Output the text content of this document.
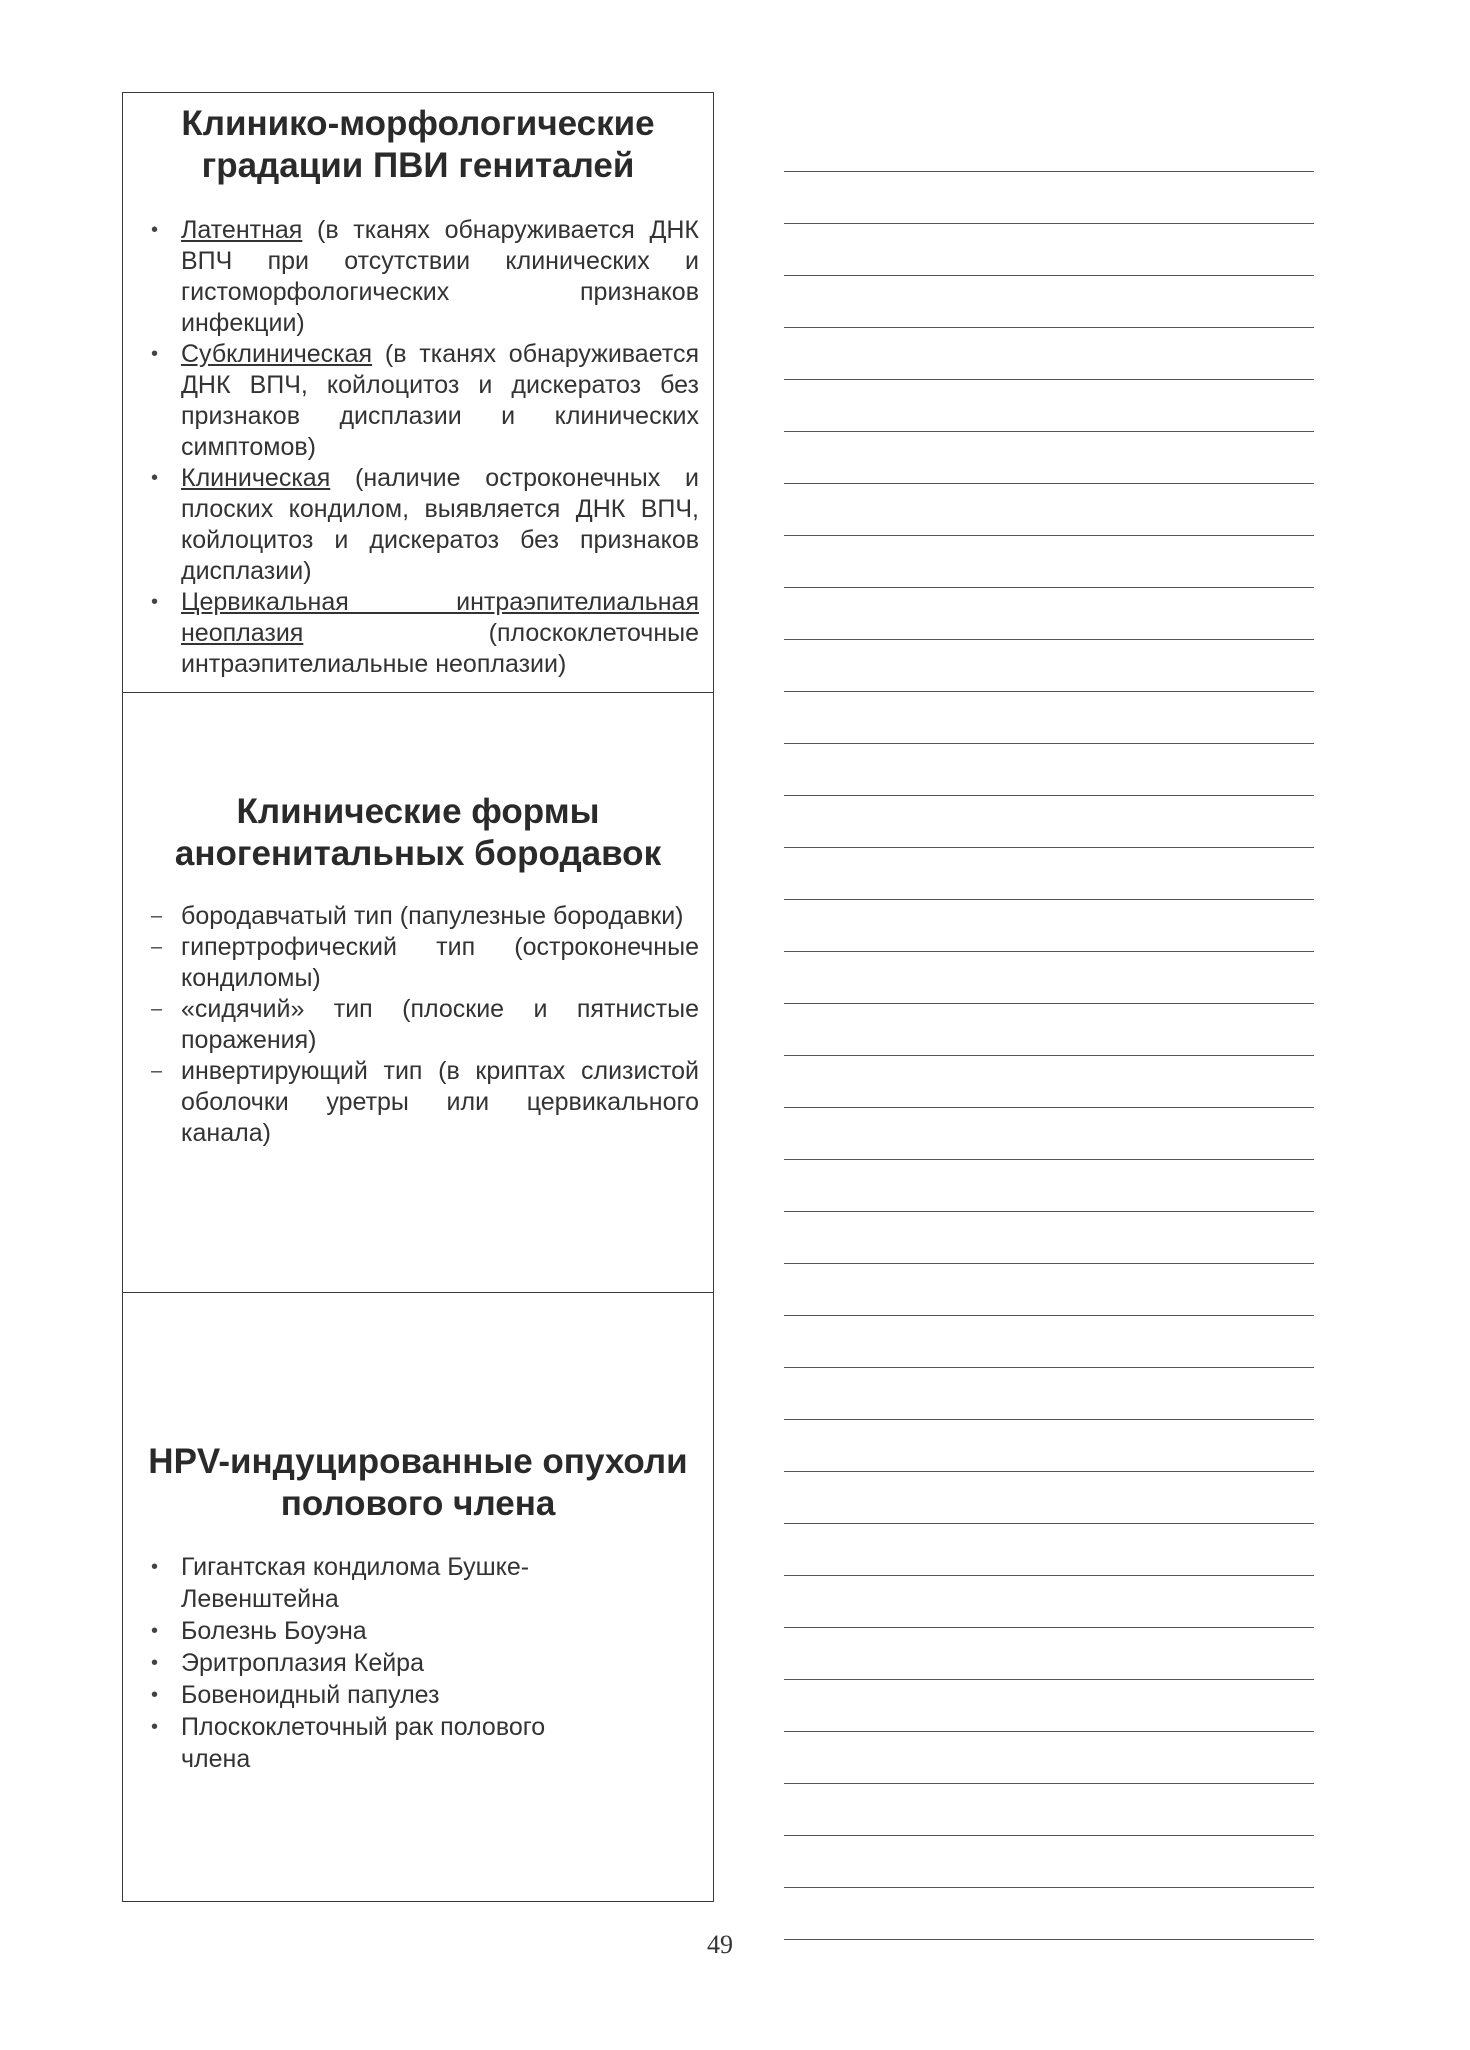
Клинико-морфологические
градации ПВИ гениталей
• Латентная (в тканях обнаруживается ДНК ВПЧ при отсутствии клинических и гистоморфологических признаков инфекции)
• Субклиническая (в тканях обнаруживается ДНК ВПЧ, койлоцитоз и дискератоз без признаков дисплазии и клинических симптомов)
• Клиническая (наличие остроконечных и плоских кондилом, выявляется ДНК ВПЧ, койлоцитоз и дискератоз без признаков дисплазии)
• Цервикальная интраэпителиальная неоплазия (плоскоклеточные интраэпителиальные неоплазии)
Клинические формы
аногенитальных бородавок
– бородавчатый тип (папулезные бородавки)
– гипертрофический тип (остроконечные кондиломы)
– «сидячий» тип (плоские и пятнистые поражения)
– инвертирующий тип (в криптах слизистой оболочки уретры или цервикального канала)
HPV-индуцированные опухоли
полового члена
• Гигантская кондилома Бушке-Левенштейна
• Болезнь Боуэна
• Эритроплазия Кейра
• Бовеноидный папулез
• Плоскоклеточный рак полового члена
49
